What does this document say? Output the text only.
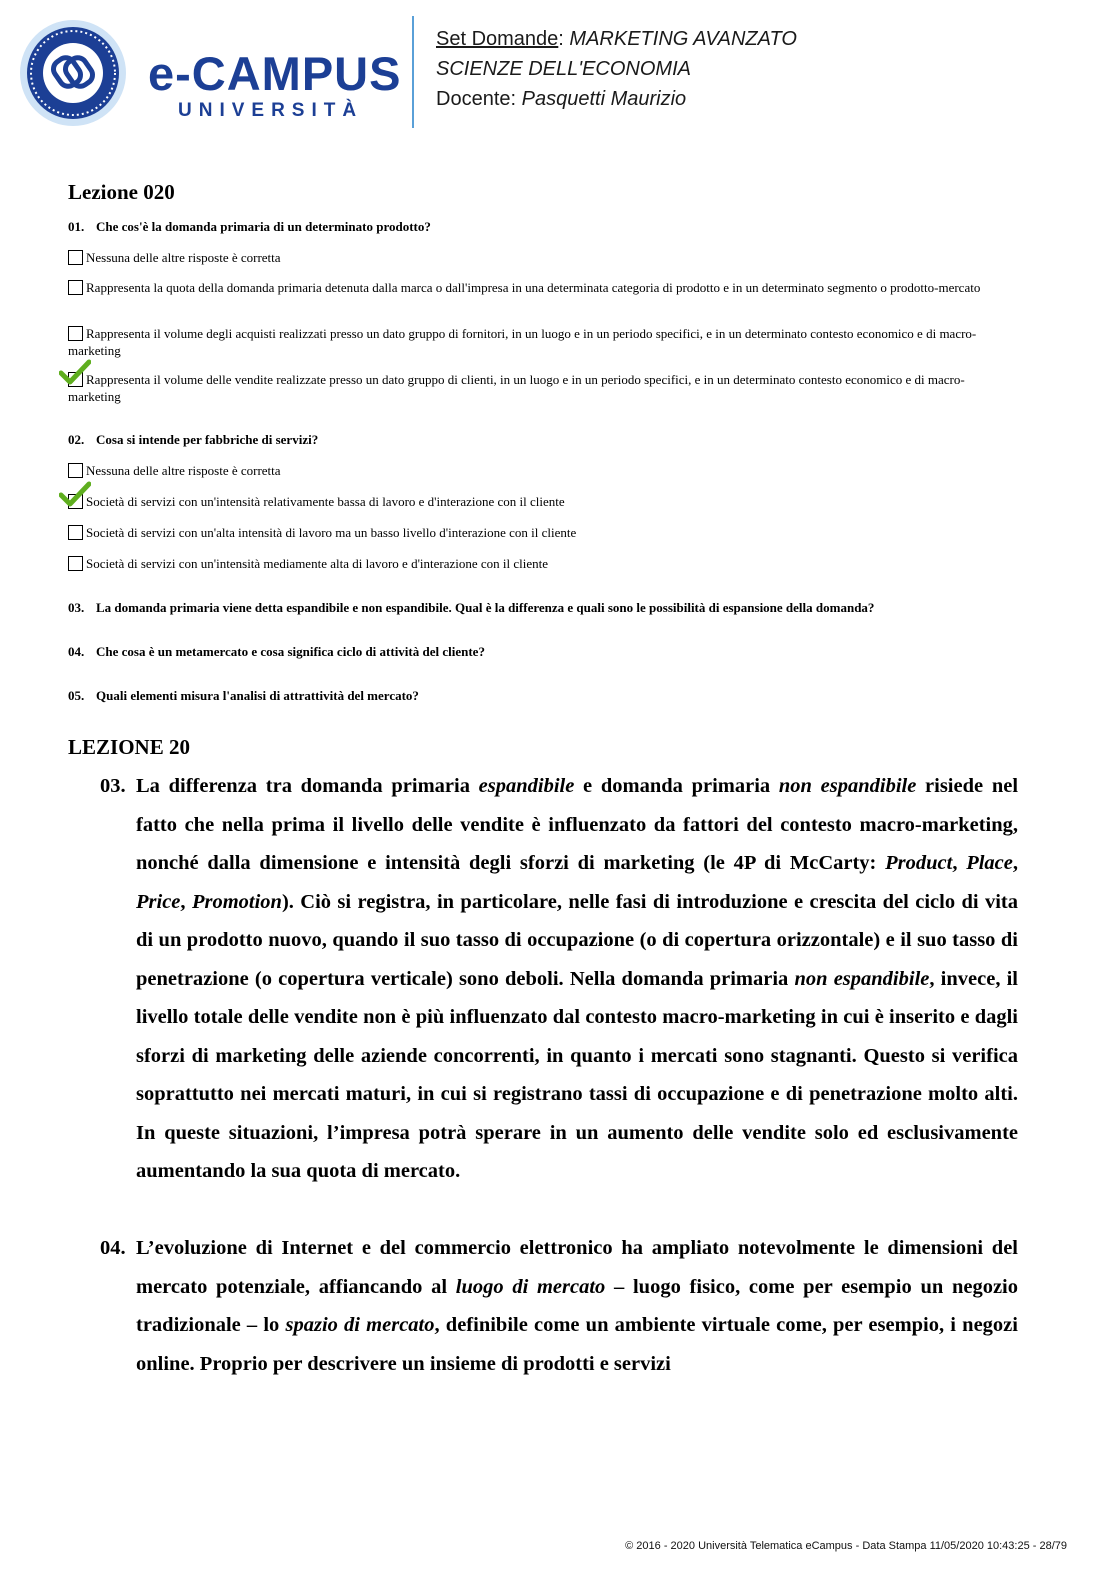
e-CAMPUS
UNIVERSITÀ
Set Domande: MARKETING AVANZATO
SCIENZE DELL'ECONOMIA
Docente: Pasquetti Maurizio
Lezione 020
01. Che cos'è la domanda primaria di un determinato prodotto?
Nessuna delle altre risposte è corretta
Rappresenta la quota della domanda primaria detenuta dalla marca o dall'impresa in una determinata categoria di prodotto e in un determinato segmento o prodotto-mercato
Rappresenta il volume degli acquisti realizzati presso un dato gruppo di fornitori, in un luogo e in un periodo specifici, e in un determinato contesto economico e di macro-marketing
Rappresenta il volume delle vendite realizzate presso un dato gruppo di clienti, in un luogo e in un periodo specifici, e in un determinato contesto economico e di macro-marketing
02. Cosa si intende per fabbriche di servizi?
Nessuna delle altre risposte è corretta
Società di servizi con un'intensità relativamente bassa di lavoro e d'interazione con il cliente
Società di servizi con un'alta intensità di lavoro ma un basso livello d'interazione con il cliente
Società di servizi con un'intensità mediamente alta di lavoro e d'interazione con il cliente
03. La domanda primaria viene detta espandibile e non espandibile. Qual è la differenza e quali sono le possibilità di espansione della domanda?
04. Che cosa è un metamercato e cosa significa ciclo di attività del cliente?
05. Quali elementi misura l'analisi di attrattività del mercato?
LEZIONE 20
03. La differenza tra domanda primaria espandibile e domanda primaria non espandibile risiede nel fatto che nella prima il livello delle vendite è influenzato da fattori del contesto macro-marketing, nonché dalla dimensione e intensità degli sforzi di marketing (le 4P di McCarty: Product, Place, Price, Promotion). Ciò si registra, in particolare, nelle fasi di introduzione e crescita del ciclo di vita di un prodotto nuovo, quando il suo tasso di occupazione (o di copertura orizzontale) e il suo tasso di penetrazione (o copertura verticale) sono deboli. Nella domanda primaria non espandibile, invece, il livello totale delle vendite non è più influenzato dal contesto macro-marketing in cui è inserito e dagli sforzi di marketing delle aziende concorrenti, in quanto i mercati sono stagnanti. Questo si verifica soprattutto nei mercati maturi, in cui si registrano tassi di occupazione e di penetrazione molto alti. In queste situazioni, l’impresa potrà sperare in un aumento delle vendite solo ed esclusivamente aumentando la sua quota di mercato.
04. L’evoluzione di Internet e del commercio elettronico ha ampliato notevolmente le dimensioni del mercato potenziale, affiancando al luogo di mercato – luogo fisico, come per esempio un negozio tradizionale – lo spazio di mercato, definibile come un ambiente virtuale come, per esempio, i negozi online. Proprio per descrivere un insieme di prodotti e servizi
© 2016 - 2020 Università Telematica eCampus - Data Stampa 11/05/2020 10:43:25 - 28/79
